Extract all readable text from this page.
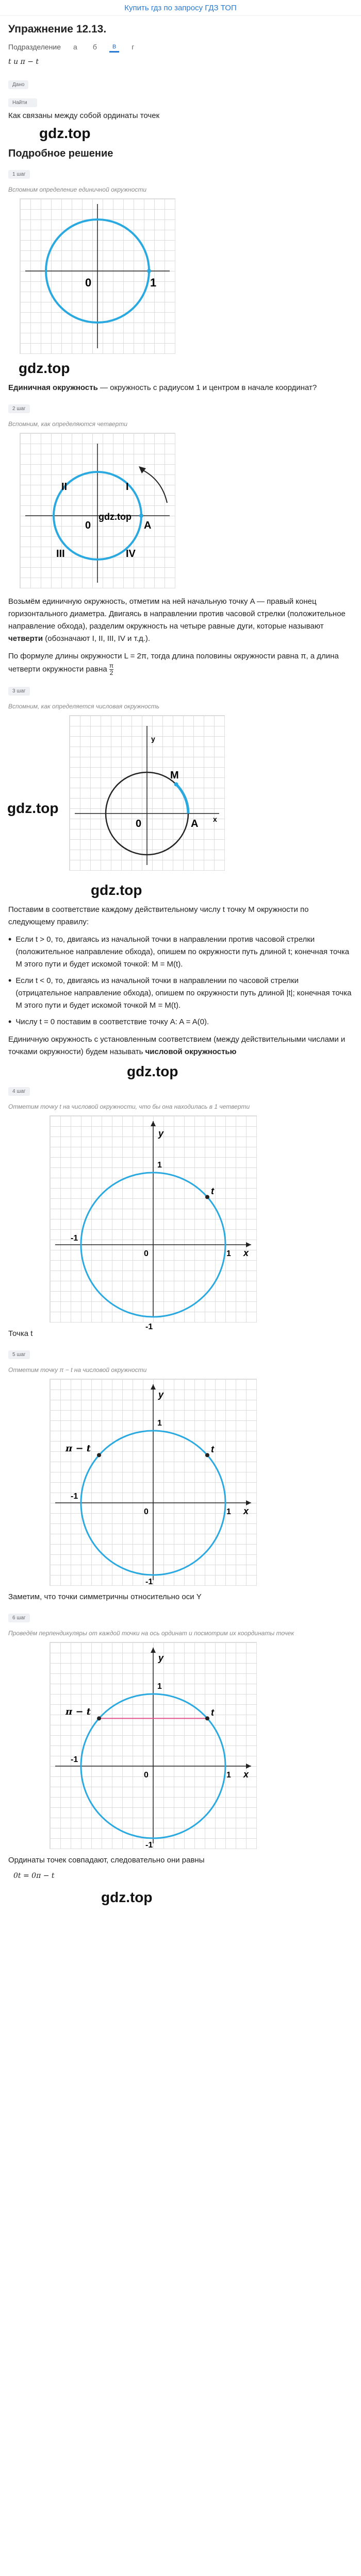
Купить гдз по запросу ГДЗ ТОП
Упражнение 12.13.
Подразделение	а	б	в	г
t и π − t
Дано
Найти
Как связаны между собой ординаты точек
gdz.top
Подробное решение
1 шаг
Вспомним определение единичной окружности
0	1
gdz.top
Единичная окружность — окружность с радиусом 1 и центром в начале координат?
2 шаг
Вспомним, как определяются четверти
II	I
III	IV
0	A
gdz.top
Возьмём единичную окружность, отметим на ней начальную точку A — правый конец горизонтального диаметра. Двигаясь в направлении против часовой стрелки (положительное направление обхода), разделим окружность на четыре равные дуги, которые называют четверти (обозначают I, II, III, IV и т.д.).
По формуле длины окружности L = 2π, тогда длина половины окружности равна π, а длина четверти окружности равна $\frac{\pi}{2}$
3 шаг
Вспомним, как определяется числовая окружность
0	A
M
y
x
gdz.top
gdz.top
Поставим в соответствие каждому действительному числу t точку M окружности по следующему правилу:
• Если t > 0, то, двигаясь из начальной точки в направлении против часовой стрелки (положительное направление обхода), опишем по окружности путь длиной t; конечная точка M этого пути и будет искомой точкой: M = M(t).
• Если t < 0, то, двигаясь из начальной точки в направлении по часовой стрелки (отрицательное направление обхода), опишем по окружности путь длиной |t|; конечная точка M этого пути и будет искомой точкой M = M(t).
• Числу t = 0 поставим в соответствие точку A: A = A(0).
Единичную окружность с установленным соответствием (между действительными числами и точками окружности) будем называть числовой окружностью
gdz.top
4 шаг
Отметим точку t на числовой окружности, что бы она находилась в 1 четверти
t
0	1
-1
1
-1
y
x
Точка t
5 шаг
Отметим точку π − t на числовой окружности
t
π − t
0	1
-1
1
-1
y
x
Заметим, что точки симметричны относительно оси Y
6 шаг
Проведём перпендикуляры от каждой точки на ось ординат и посмотрим их координаты точек
t
π − t
0	1
-1
1
-1
y
x
Ординаты точек совпадают, следовательно они равны
0t = 0π − t
gdz.top
